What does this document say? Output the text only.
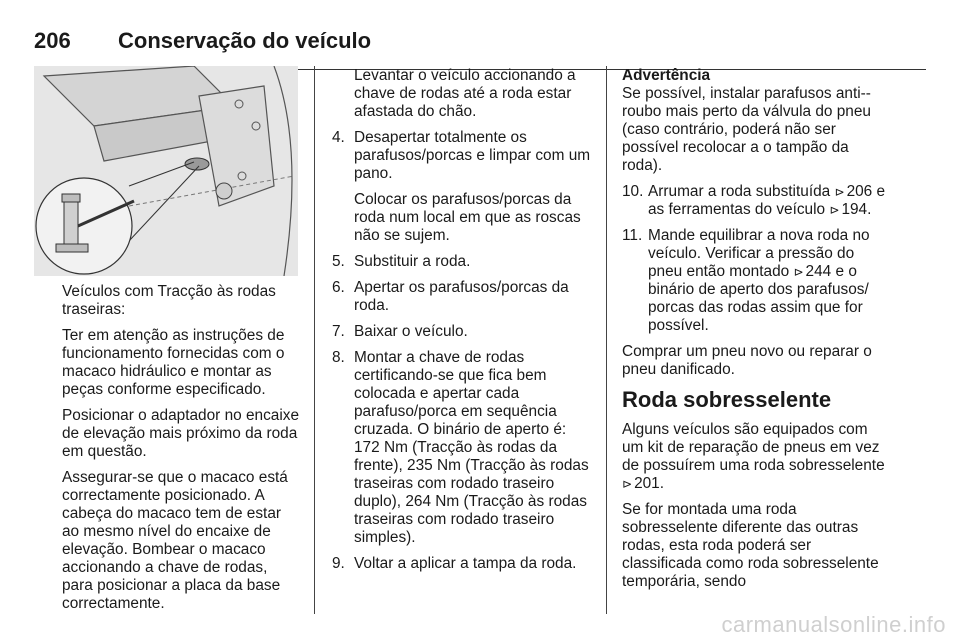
206 Conservação do veículo

Veículos com Tracção às rodas traseiras:

Ter em atenção as instruções de funcionamento fornecidas com o macaco hidráulico e montar as peças conforme especificado.

Posicionar o adaptador no encaixe de elevação mais próximo da roda em questão.

Assegurar-se que o macaco está correctamente posicionado. A cabeça do macaco tem de estar ao mesmo nível do encaixe de elevação. Bombear o macaco accionando a chave de rodas, para posicionar a placa da base correctamente.

Levantar o veículo accionando a chave de rodas até a roda estar afastada do chão.

4. Desapertar totalmente os parafusos/porcas e limpar com um pano.
Colocar os parafusos/porcas da roda num local em que as roscas não se sujem.
5. Substituir a roda.
6. Apertar os parafusos/porcas da roda.
7. Baixar o veículo.
8. Montar a chave de rodas certificando-se que fica bem colocada e apertar cada parafuso/porca em sequência cruzada. O binário de aperto é: 172 Nm (Tracção às rodas da frente), 235 Nm (Tracção às rodas traseiras com rodado traseiro duplo), 264 Nm (Tracção às rodas traseiras com rodado traseiro simples).
9. Voltar a aplicar a tampa da roda.
Advertência

Se possível, instalar parafusos anti--roubo mais perto da válvula do pneu (caso contrário, poderá não ser possível recolocar a o tampão da roda).

10. Arrumar a roda substituída ⊳ 206 e as ferramentas do veículo ⊳ 194.
11. Mande equilibrar a nova roda no veículo. Verificar a pressão do pneu então montado ⊳ 244 e o binário de aperto dos parafusos/ porcas das rodas assim que for possível.

Comprar um pneu novo ou reparar o pneu danificado.

Roda sobresselente

Alguns veículos são equipados com um kit de reparação de pneus em vez de possuírem uma roda sobresselente ⊳ 201.

Se for montada uma roda sobresselente diferente das outras rodas, esta roda poderá ser classificada como roda sobresselente temporária, sendo

carmanualsonline.info
